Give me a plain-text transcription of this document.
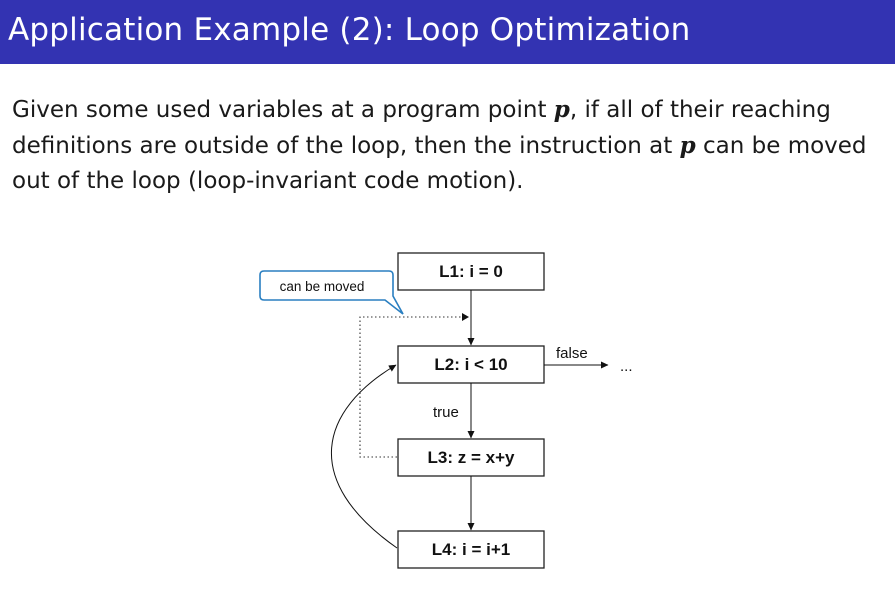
Application Example (2): Loop Optimization
Given some used variables at a program point p, if all of their reaching definitions are outside of the loop, then the instruction at p can be moved out of the loop (loop-invariant code motion).
L1: i = 0
L2: i < 10
L3: z = x+y
L4: i = i+1
true
false
...
can be moved
